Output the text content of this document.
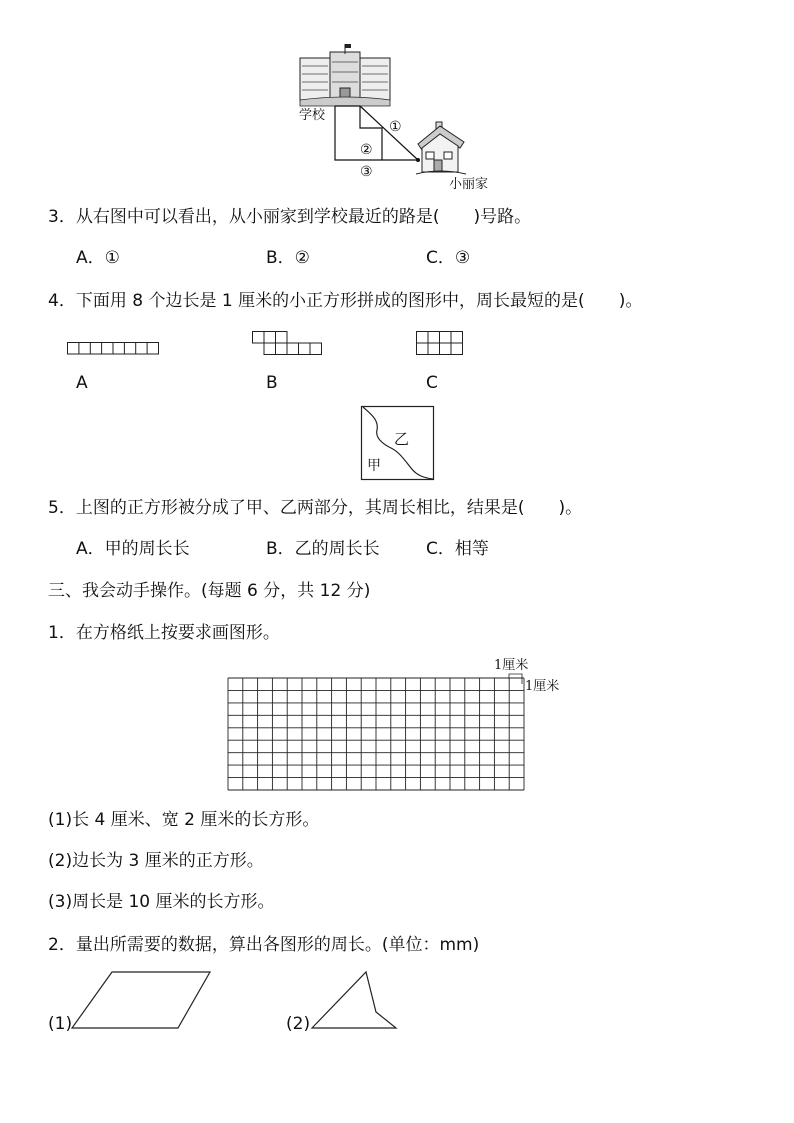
学校
①
②
③
小丽家
3．从右图中可以看出，从小丽家到学校最近的路是(　　)号路。
A．①	B．②	C．③
4．下面用 8 个边长是 1 厘米的小正方形拼成的图形中，周长最短的是(　　)。
A	B	C
乙
甲
5．上图的正方形被分成了甲、乙两部分，其周长相比，结果是(　　)。
A．甲的周长长	B．乙的周长长	C．相等
三、我会动手操作。(每题 6 分，共 12 分)
1．在方格纸上按要求画图形。
1厘米
1厘米
(1)长 4 厘米、宽 2 厘米的长方形。
(2)边长为 3 厘米的正方形。
(3)周长是 10 厘米的长方形。
2．量出所需要的数据，算出各图形的周长。(单位：mm)
(1)	(2)
